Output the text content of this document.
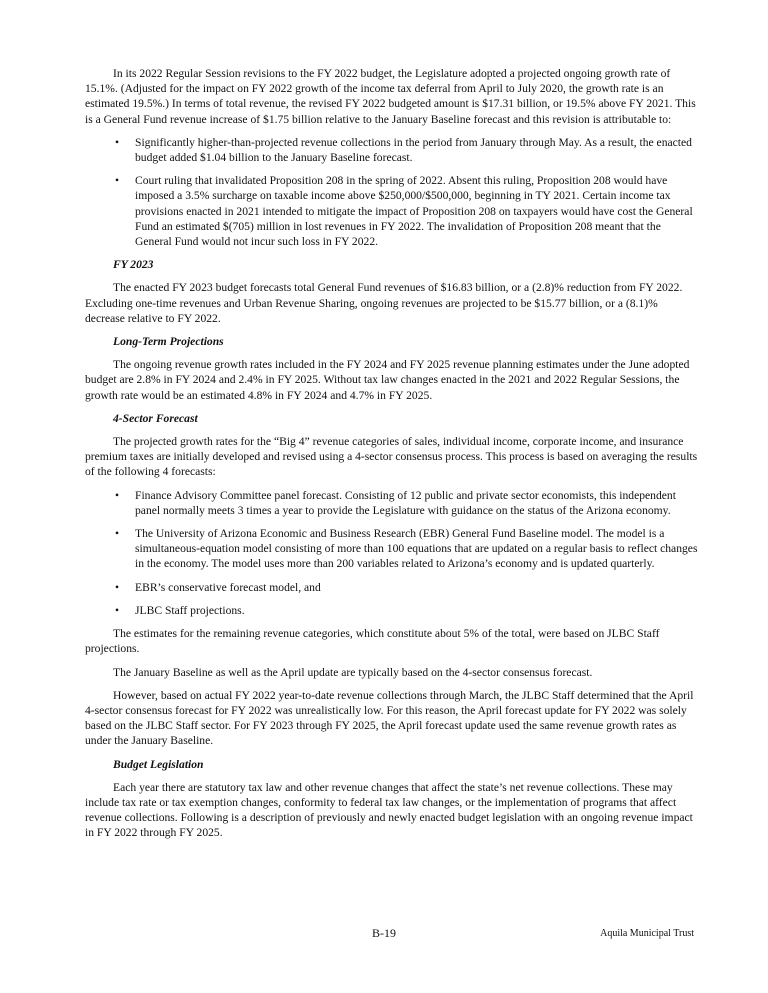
In its 2022 Regular Session revisions to the FY 2022 budget, the Legislature adopted a projected ongoing growth rate of 15.1%. (Adjusted for the impact on FY 2022 growth of the income tax deferral from April to July 2020, the growth rate is an estimated 19.5%.) In terms of total revenue, the revised FY 2022 budgeted amount is $17.31 billion, or 19.5% above FY 2021. This is a General Fund revenue increase of $1.75 billion relative to the January Baseline forecast and this revision is attributable to:

• Significantly higher-than-projected revenue collections in the period from January through May. As a result, the enacted budget added $1.04 billion to the January Baseline forecast.
• Court ruling that invalidated Proposition 208 in the spring of 2022. Absent this ruling, Proposition 208 would have imposed a 3.5% surcharge on taxable income above $250,000/$500,000, beginning in TY 2021. Certain income tax provisions enacted in 2021 intended to mitigate the impact of Proposition 208 on taxpayers would have cost the General Fund an estimated $(705) million in lost revenues in FY 2022. The invalidation of Proposition 208 meant that the General Fund would not incur such loss in FY 2022.

FY 2023

The enacted FY 2023 budget forecasts total General Fund revenues of $16.83 billion, or a (2.8)% reduction from FY 2022. Excluding one-time revenues and Urban Revenue Sharing, ongoing revenues are projected to be $15.77 billion, or a (8.1)% decrease relative to FY 2022.

Long-Term Projections

The ongoing revenue growth rates included in the FY 2024 and FY 2025 revenue planning estimates under the June adopted budget are 2.8% in FY 2024 and 2.4% in FY 2025. Without tax law changes enacted in the 2021 and 2022 Regular Sessions, the growth rate would be an estimated 4.8% in FY 2024 and 4.7% in FY 2025.

4-Sector Forecast

The projected growth rates for the “Big 4” revenue categories of sales, individual income, corporate income, and insurance premium taxes are initially developed and revised using a 4-sector consensus process. This process is based on averaging the results of the following 4 forecasts:

• Finance Advisory Committee panel forecast. Consisting of 12 public and private sector economists, this independent panel normally meets 3 times a year to provide the Legislature with guidance on the status of the Arizona economy.
• The University of Arizona Economic and Business Research (EBR) General Fund Baseline model. The model is a simultaneous-equation model consisting of more than 100 equations that are updated on a regular basis to reflect changes in the economy. The model uses more than 200 variables related to Arizona’s economy and is updated quarterly.
• EBR’s conservative forecast model, and
• JLBC Staff projections.

The estimates for the remaining revenue categories, which constitute about 5% of the total, were based on JLBC Staff projections.

The January Baseline as well as the April update are typically based on the 4-sector consensus forecast.

However, based on actual FY 2022 year-to-date revenue collections through March, the JLBC Staff determined that the April 4-sector consensus forecast for FY 2022 was unrealistically low. For this reason, the April forecast update for FY 2022 was solely based on the JLBC Staff sector. For FY 2023 through FY 2025, the April forecast update used the same revenue growth rates as under the January Baseline.

Budget Legislation

Each year there are statutory tax law and other revenue changes that affect the state’s net revenue collections. These may include tax rate or tax exemption changes, conformity to federal tax law changes, or the implementation of programs that affect revenue collections. Following is a description of previously and newly enacted budget legislation with an ongoing revenue impact in FY 2022 through FY 2025.

B-19	Aquila Municipal Trust
